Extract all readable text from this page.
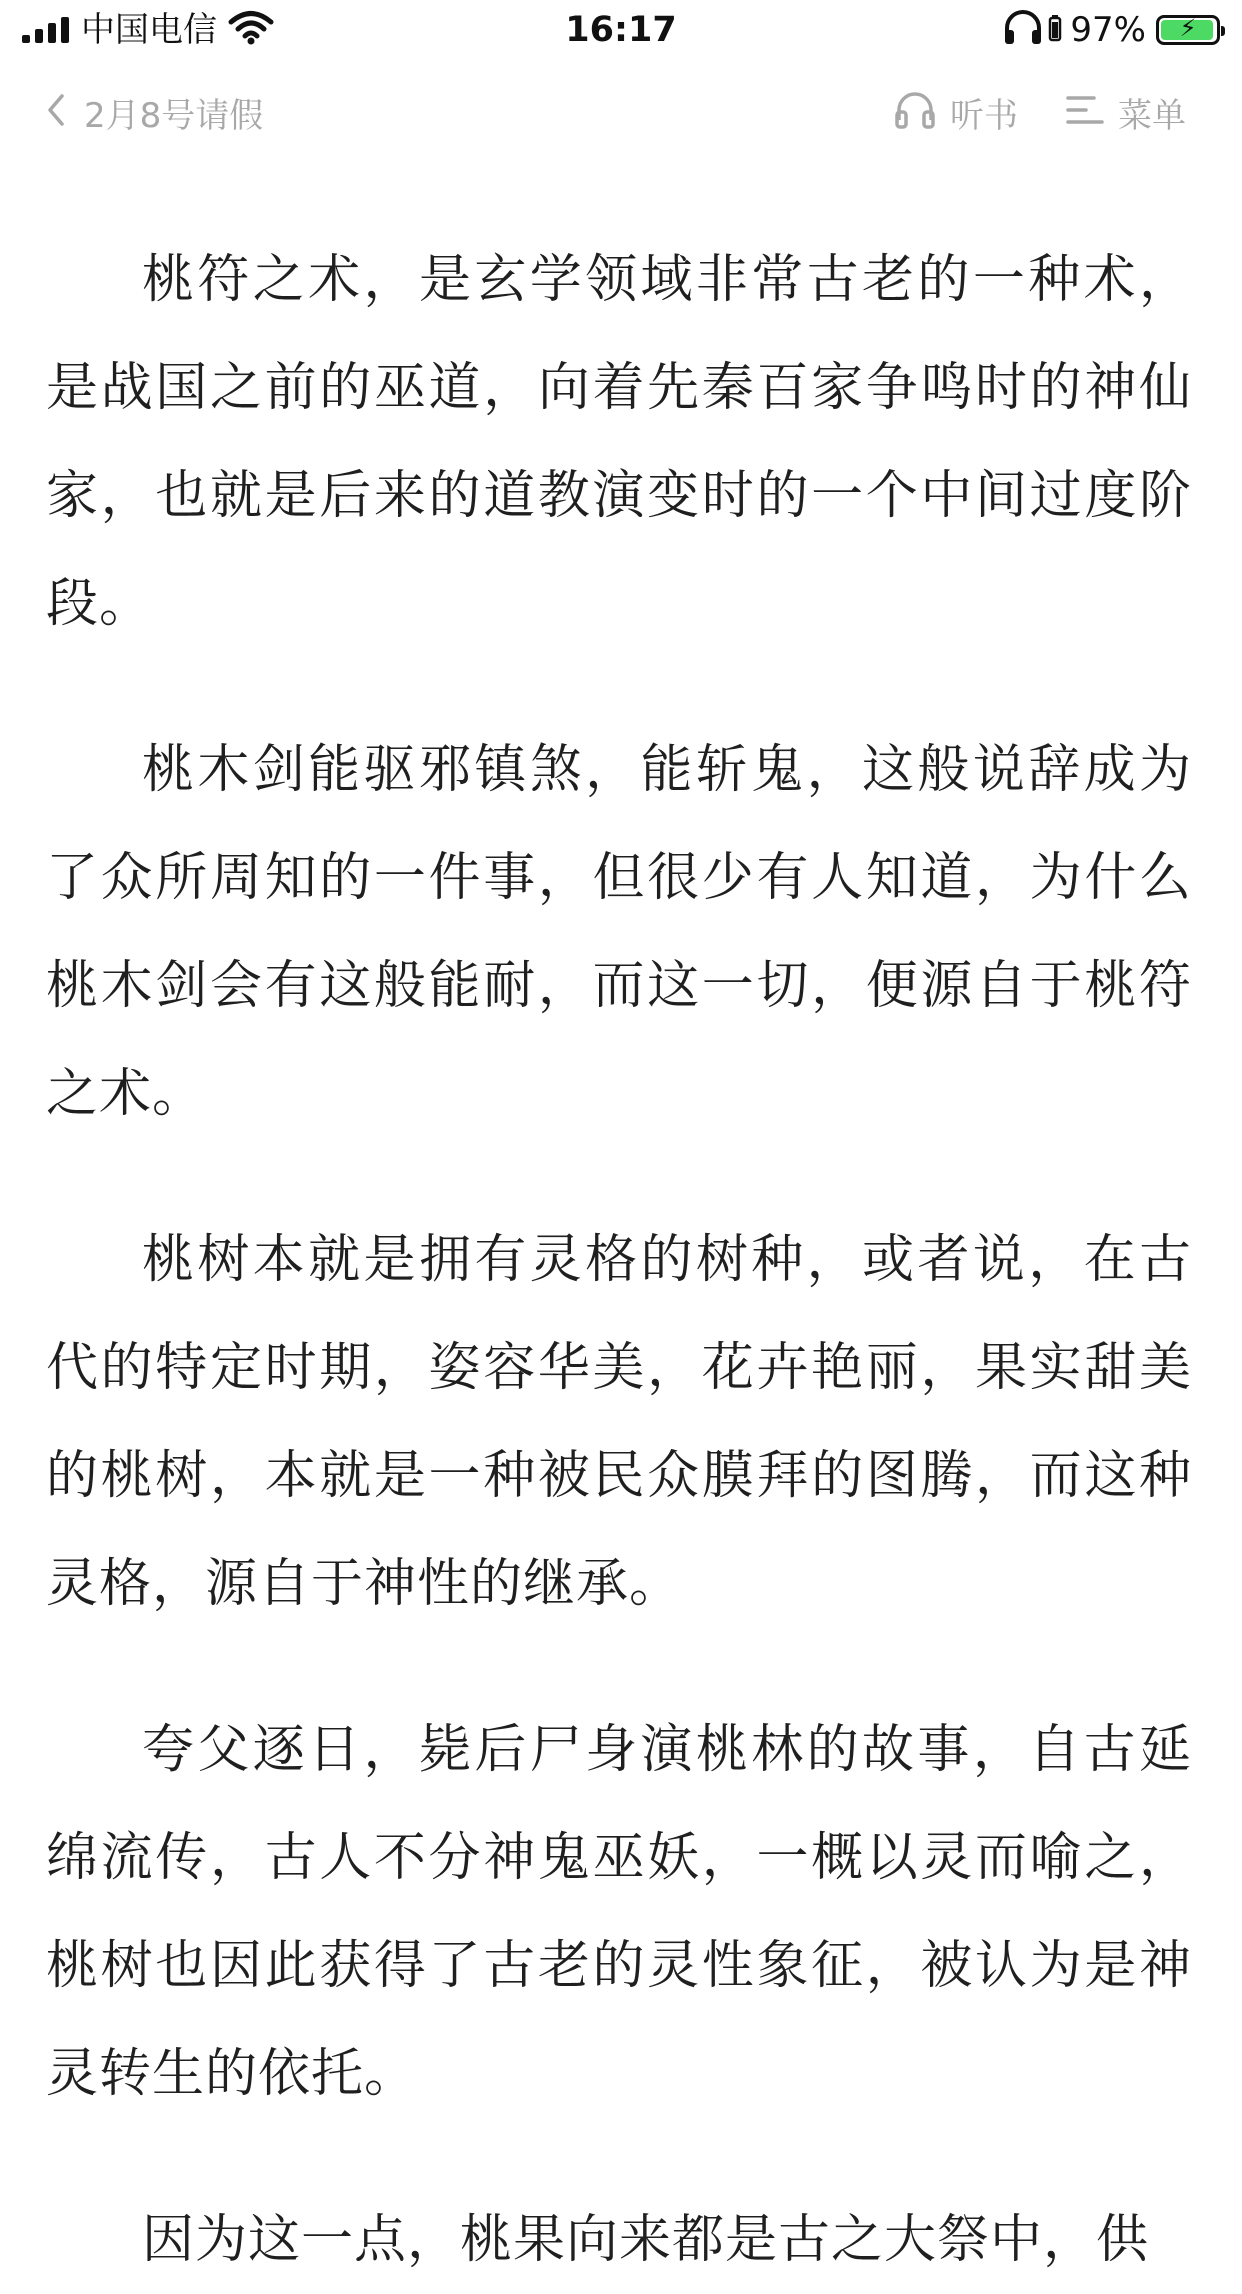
中国电信	16:17	97%	⚡
2月8号请假	听书	菜单

桃符之术，是玄学领域非常古老的一种术，是战国之前的巫道，向着先秦百家争鸣时的神仙家，也就是后来的道教演变时的一个中间过度阶段。

桃木剑能驱邪镇煞，能斩鬼，这般说辞成为了众所周知的一件事，但很少有人知道，为什么桃木剑会有这般能耐，而这一切，便源自于桃符之术。

桃树本就是拥有灵格的树种，或者说，在古代的特定时期，姿容华美，花卉艳丽，果实甜美的桃树，本就是一种被民众膜拜的图腾，而这种灵格，源自于神性的继承。

夸父逐日，毙后尸身演桃林的故事，自古延绵流传，古人不分神鬼巫妖，一概以灵而喻之，桃树也因此获得了古老的灵性象征，被认为是神灵转生的依托。

因为这一点，桃果向来都是古之大祭中，供
